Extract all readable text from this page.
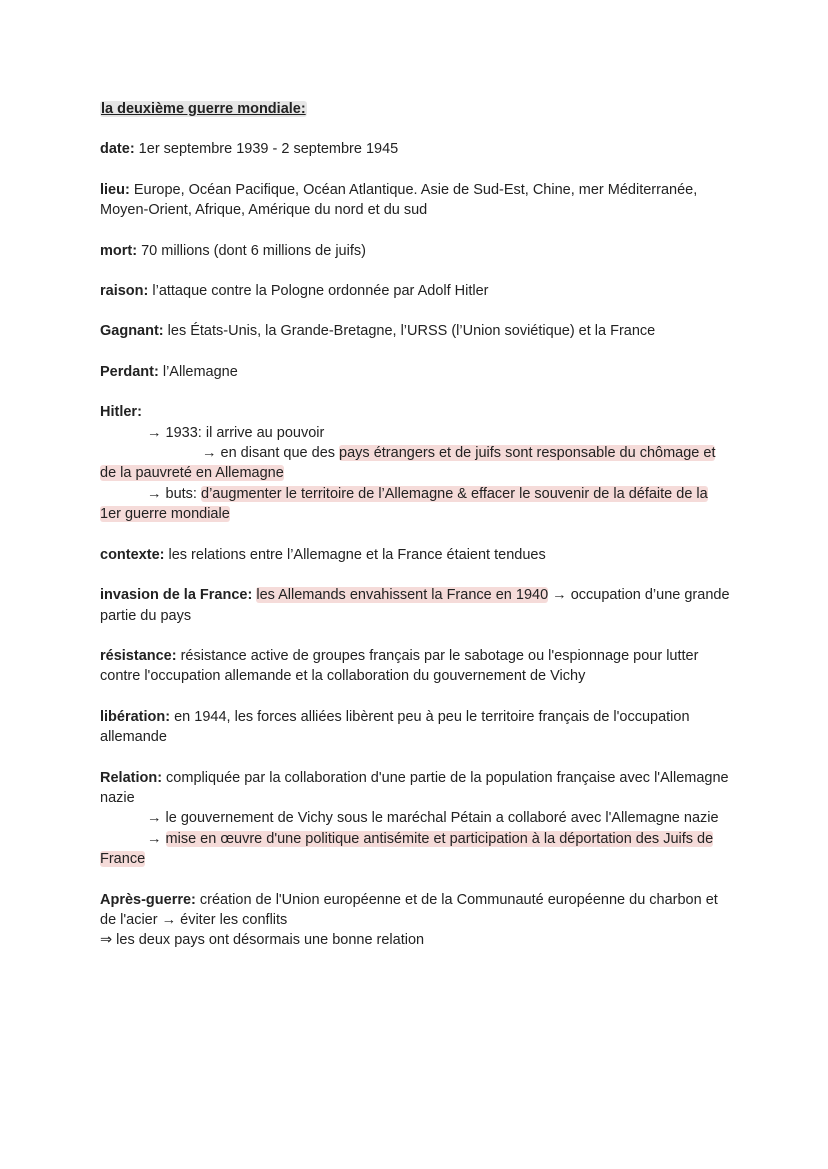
la deuxième guerre mondiale:
date: 1er septembre 1939 - 2 septembre 1945
lieu: Europe, Océan Pacifique, Océan Atlantique. Asie de Sud-Est, Chine, mer Méditerranée, Moyen-Orient, Afrique, Amérique du nord et du sud
mort: 70 millions (dont 6 millions de juifs)
raison: l’attaque contre la Pologne ordonnée par Adolf Hitler
Gagnant: les États-Unis, la Grande-Bretagne, l’URSS (l’Union soviétique) et la France
Perdant: l’Allemagne
Hitler:
→ 1933: il arrive au pouvoir
→ en disant que des pays étrangers et de juifs sont responsable du chômage et de la pauvreté en Allemagne
→ buts: d’augmenter le territoire de l’Allemagne & effacer le souvenir de la défaite de la 1er guerre mondiale
contexte: les relations entre l’Allemagne et la France étaient tendues
invasion de la France: les Allemands envahissent la France en 1940 → occupation d’une grande partie du pays
résistance: résistance active de groupes français par le sabotage ou l'espionnage pour lutter contre l'occupation allemande et la collaboration du gouvernement de Vichy
libération: en 1944, les forces alliées libèrent peu à peu le territoire français de l'occupation allemande
Relation: compliquée par la collaboration d'une partie de la population française avec l'Allemagne nazie
→ le gouvernement de Vichy sous le maréchal Pétain a collaboré avec l'Allemagne nazie
→ mise en œuvre d'une politique antisémite et participation à la déportation des Juifs de France
Après-guerre: création de l'Union européenne et de la Communauté européenne du charbon et de l'acier → éviter les conflits
⇒ les deux pays ont désormais une bonne relation
